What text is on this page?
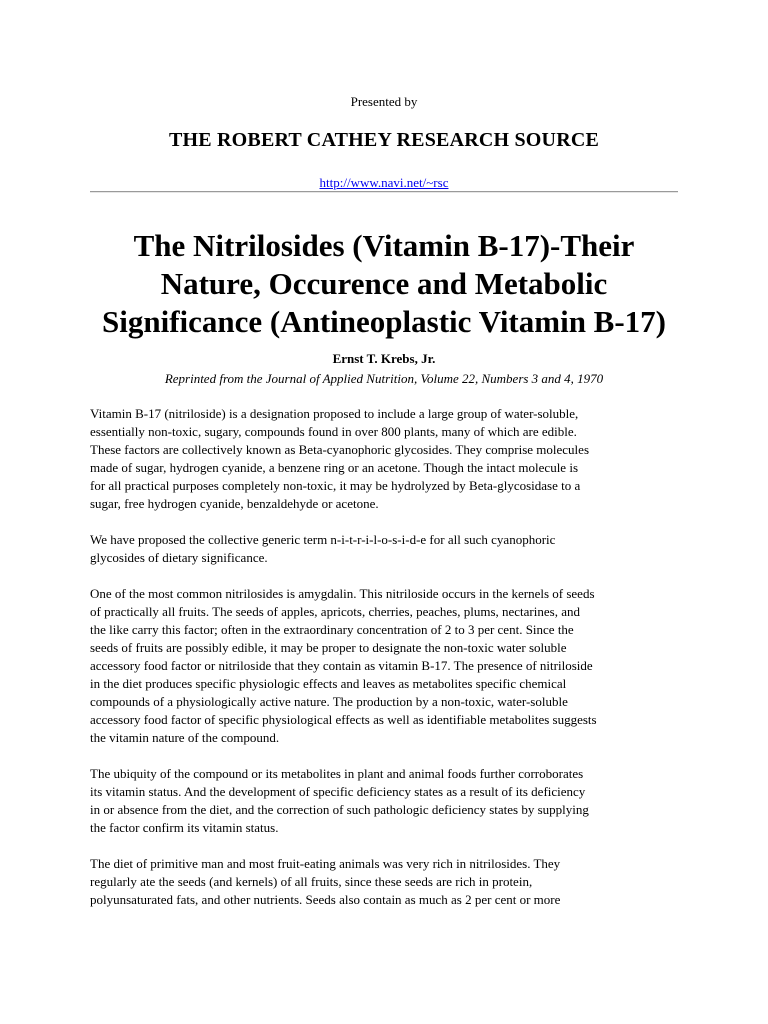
Presented by
THE ROBERT CATHEY RESEARCH SOURCE
http://www.navi.net/~rsc
The Nitrilosides (Vitamin B-17)-Their
Nature, Occurence and Metabolic
Significance (Antineoplastic Vitamin B-17)
Ernst T. Krebs, Jr.
Reprinted from the Journal of Applied Nutrition, Volume 22, Numbers 3 and 4, 1970

Vitamin B-17 (nitriloside) is a designation proposed to include a large group of water-soluble,
essentially non-toxic, sugary, compounds found in over 800 plants, many of which are edible.
These factors are collectively known as Beta-cyanophoric glycosides. They comprise molecules
made of sugar, hydrogen cyanide, a benzene ring or an acetone. Though the intact molecule is
for all practical purposes completely non-toxic, it may be hydrolyzed by Beta-glycosidase to a
sugar, free hydrogen cyanide, benzaldehyde or acetone.

We have proposed the collective generic term n-i-t-r-i-l-o-s-i-d-e for all such cyanophoric
glycosides of dietary significance.

One of the most common nitrilosides is amygdalin. This nitriloside occurs in the kernels of seeds
of practically all fruits. The seeds of apples, apricots, cherries, peaches, plums, nectarines, and
the like carry this factor; often in the extraordinary concentration of 2 to 3 per cent. Since the
seeds of fruits are possibly edible, it may be proper to designate the non-toxic water soluble
accessory food factor or nitriloside that they contain as vitamin B-17. The presence of nitriloside
in the diet produces specific physiologic effects and leaves as metabolites specific chemical
compounds of a physiologically active nature. The production by a non-toxic, water-soluble
accessory food factor of specific physiological effects as well as identifiable metabolites suggests
the vitamin nature of the compound.

The ubiquity of the compound or its metabolites in plant and animal foods further corroborates
its vitamin status. And the development of specific deficiency states as a result of its deficiency
in or absence from the diet, and the correction of such pathologic deficiency states by supplying
the factor confirm its vitamin status.

The diet of primitive man and most fruit-eating animals was very rich in nitrilosides. They
regularly ate the seeds (and kernels) of all fruits, since these seeds are rich in protein,
polyunsaturated fats, and other nutrients. Seeds also contain as much as 2 per cent or more
